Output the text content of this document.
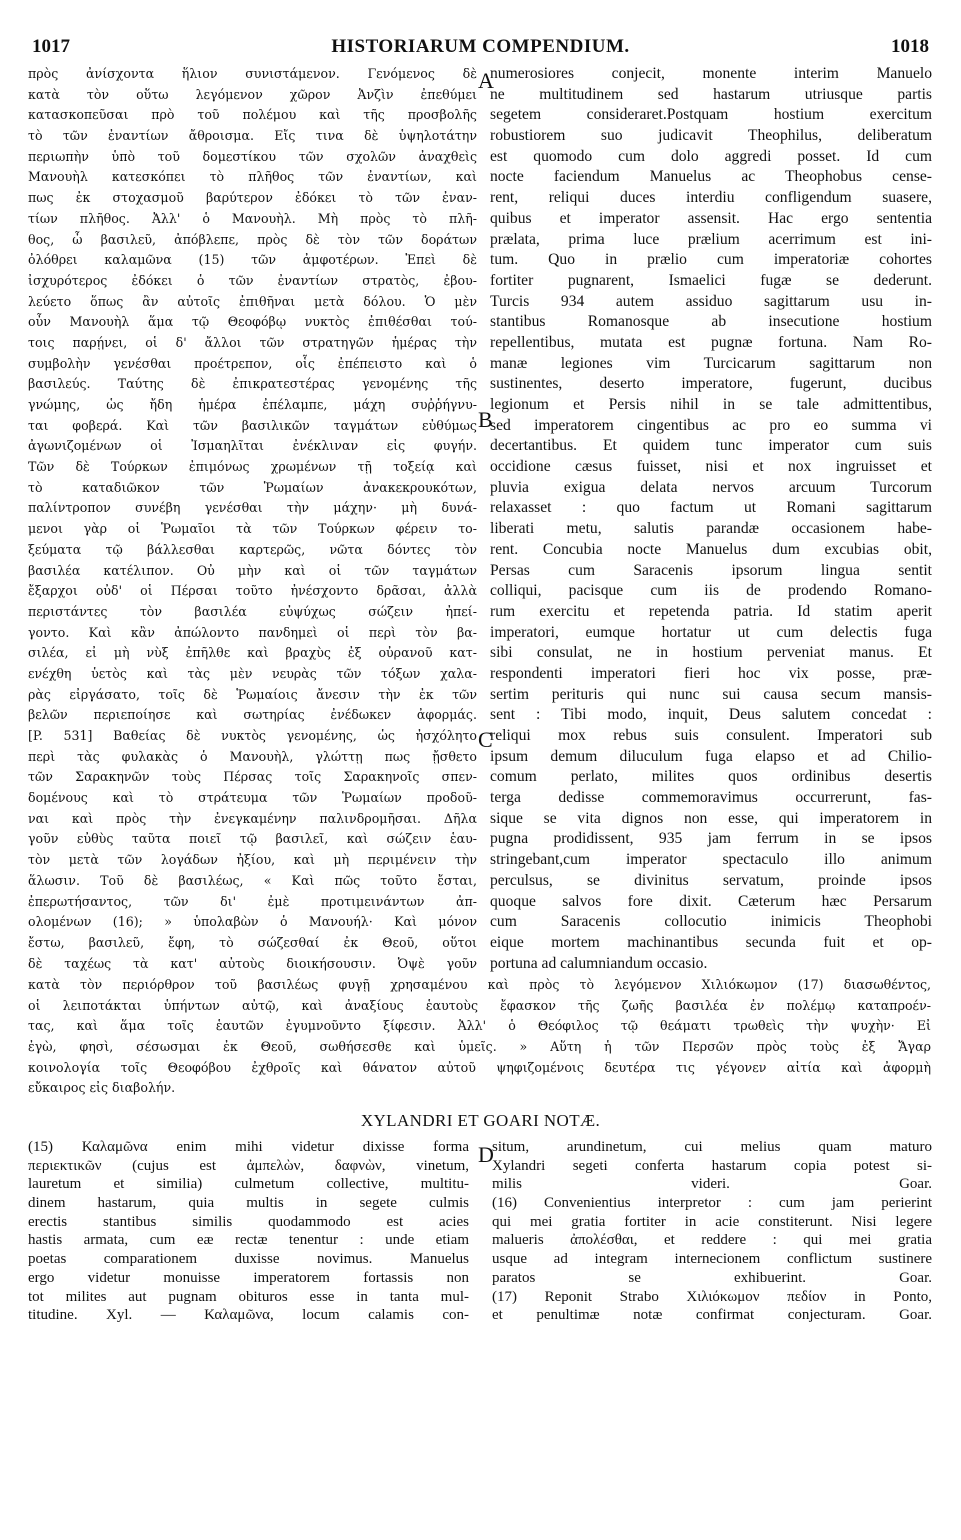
1017	HISTORIARUM COMPENDIUM.	1018
πρὸς ἀνίσχοντα ἥλιον συνιστάμενον. Γενόμενος δὲ
κατὰ τὸν οὕτω λεγόμενον χῶρον Ἀνζὶν ἐπεθύμει
κατασκοπεῦσαι πρὸ τοῦ πολέμου καὶ τῆς προσβολῆς
τὸ τῶν ἐναντίων ἄθροισμα. Εἴς τινα δὲ ὑψηλοτάτην
περιωπὴν ὑπὸ τοῦ δομεστίκου τῶν σχολῶν ἀναχθεὶς
Μανουὴλ κατεσκόπει τὸ πλῆθος τῶν ἐναντίων, καὶ
πως ἐκ στοχασμοῦ βαρύτερον ἐδόκει τὸ τῶν ἐναν-
τίων πλῆθος. Ἀλλ' ὁ Μανουὴλ. Μὴ πρὸς τὸ πλῆ-
θος, ὦ βασιλεῦ, ἀπόβλεπε, πρὸς δὲ τὸν τῶν δοράτων
ὀλόθρει καλαμῶνα (15) τῶν ἀμφοτέρων. Ἐπεὶ δὲ
ἰσχυρότερος ἐδόκει ὁ τῶν ἐναντίων στρατὸς, ἐβου-
λεύετο ὅπως ἂν αὐτοῖς ἐπιθῆναι μετὰ δόλου. Ὁ μὲν
οὖν Μανουὴλ ἅμα τῷ Θεοφόβῳ νυκτὸς ἐπιθέσθαι τού-
τοις παρῄνει, οἱ δ' ἄλλοι τῶν στρατηγῶν ἡμέρας τὴν
συμβολὴν γενέσθαι προέτρεπον, οἷς ἐπέπειστο καὶ ὁ
βασιλεύς. Ταύτης δὲ ἐπικρατεστέρας γενομένης τῆς
γνώμης, ὡς ἤδη ἡμέρα ἐπέλαμπε, μάχη συῤῥήγνυ-
ται φοβερά. Καὶ τῶν βασιλικῶν ταγμάτων εὐθύμως
ἀγωνιζομένων οἱ Ἰσμαηλῖται ἐνέκλιναν εἰς φυγήν.
Τῶν δὲ Τούρκων ἐπιμόνως χρωμένων τῇ τοξείᾳ καὶ
τὸ καταδιῶκον τῶν Ῥωμαίων ἀνακεκρουκότων,
παλίντροπον συνέβη γενέσθαι τὴν μάχην· μὴ δυνά-
μενοι γὰρ οἱ Ῥωμαῖοι τὰ τῶν Τούρκων φέρειν το-
ξεύματα τῷ βάλλεσθαι καρτερῶς, νῶτα δόντες τὸν
βασιλέα κατέλιπον. Οὐ μὴν καὶ οἱ τῶν ταγμάτων
ἔξαρχοι οὐδ' οἱ Πέρσαι τοῦτο ἠνέσχοντο δρᾶσαι, ἀλλὰ
περιστάντες τὸν βασιλέα εὐψύχως σώζειν ἠπεί-
γοντο. Καὶ κἂν ἀπώλοντο πανδημεὶ οἱ περὶ τὸν βα-
σιλέα, εἰ μὴ νὺξ ἐπῆλθε καὶ βραχὺς ἐξ οὐρανοῦ κατ-
ενέχθη ὑετὸς καὶ τὰς μὲν νευρὰς τῶν τόξων χαλα-
ρὰς εἰργάσατο, τοῖς δὲ Ῥωμαίοις ἄνεσιν τὴν ἐκ τῶν
βελῶν περιεποίησε καὶ σωτηρίας ἐνέδωκεν ἀφορμάς.
[P. 531] Βαθείας δὲ νυκτὸς γενομένης, ὡς ἠσχόλητο
περὶ τὰς φυλακὰς ὁ Μανουὴλ, γλώττῃ πως ᾔσθετο
τῶν Σαρακηνῶν τοὺς Πέρσας τοῖς Σαρακηνοῖς σπεν-
δομένους καὶ τὸ στράτευμα τῶν Ῥωμαίων προδοῦ-
ναι καὶ πρὸς τὴν ἐνεγκαμένην παλινδρομῆσαι. Δῆλα
γοῦν εὐθὺς ταῦτα ποιεῖ τῷ βασιλεῖ, καὶ σώζειν ἑαυ-
τὸν μετὰ τῶν λογάδων ἠξίου, καὶ μὴ περιμένειν τὴν
ἅλωσιν. Τοῦ δὲ βασιλέως, « Καὶ πῶς τοῦτο ἔσται,
ἐπερωτήσαντος, τῶν δι' ἐμὲ προτιμεινάντων ἀπ-
ολομένων (16); » ὑπολαβὼν ὁ Μανουήλ· Καὶ μόνον
ἔστω, βασιλεῦ, ἔφη, τὸ σώζεσθαί ἐκ Θεοῦ, οὕτοι
δὲ ταχέως τὰ κατ' αὐτοὺς διοικήσουσιν. Ὀψὲ γοῦν
numerosiores conjecit, monente interim Manuelo
ne multitudinem sed hastarum utriusque partis
segetem consideraret.Postquam hostium exercitum
robustiorem suo judicavit Theophilus, deliberatum
est quomodo cum dolo aggredi posset. Id cum
nocte faciendum Manuelus ac Theophobus cense-
rent, reliqui duces interdiu confligendum suasere,
quibus et imperator assensit. Hac ergo sententia
prælata, prima luce prælium acerrimum est ini-
tum. Quo in prælio cum imperatoriæ cohortes
fortiter pugnarent, Ismaelici fugæ se dederunt.
Turcis 934 autem assiduo sagittarum usu in-
stantibus Romanosque ab insecutione hostium
repellentibus, mutata est pugnæ fortuna. Nam Ro-
manæ legiones vim Turcicarum sagittarum non
sustinentes, deserto imperatore, fugerunt, ducibus
legionum et Persis nihil in se tale admittentibus,
sed imperatorem cingentibus ac pro eo summa vi
decertantibus. Et quidem tunc imperator cum suis
occidione cæsus fuisset, nisi et nox ingruisset et
pluvia exigua delata nervos arcuum Turcorum
relaxasset : quo factum ut Romani sagittarum
liberati metu, salutis parandæ occasionem habe-
rent. Concubia nocte Manuelus dum excubias obit,
Persas cum Saracenis ipsorum lingua sentit
colliqui, pacisque cum iis de prodendo Romano-
rum exercitu et repetenda patria. Id statim aperit
imperatori, eumque hortatur ut cum delectis fuga
sibi consulat, ne in hostium perveniat manus. Et
respondenti imperatori fieri hoc vix posse, præ-
sertim perituris qui nunc sui causa secum mansis-
sent : Tibi modo, inquit, Deus salutem concedat :
reliqui mox rebus suis consulent. Imperatori sub
ipsum demum diluculum fuga elapso et ad Chilio-
comum perlato, milites quos ordinibus desertis
terga dedisse commemoravimus occurrerunt, fas-
sique se vita dignos non esse, qui imperatorem in
pugna prodidissent, 935 jam ferrum in se ipsos
stringebant,cum imperator spectaculo illo animum
perculsus, se divinitus servatum, proinde ipsos
quoque salvos fore dixit. Cæterum hæc Persarum
cum Saracenis collocutio inimicis Theophobi
eique mortem machinantibus secunda fuit et op-
portuna ad calumniandum occasio.
A
B
C
D
κατὰ τὸν περιόρθρον τοῦ βασιλέως φυγῇ χρησαμένου καὶ πρὸς τὸ λεγόμενον Χιλιόκωμον (17) διασωθέντος,
οἱ λειποτάκται ὑπήντων αὐτῷ, καὶ ἀναξίους ἑαυτοὺς ἔφασκον τῆς ζωῆς βασιλέα ἐν πολέμῳ καταπροέν-
τας, καὶ ἅμα τοῖς ἑαυτῶν ἐγυμνοῦντο ξίφεσιν. Ἀλλ' ὁ Θεόφιλος τῷ θεάματι τρωθεὶς τὴν ψυχὴν· Εἰ
ἐγὼ, φησὶ, σέσωσμαι ἐκ Θεοῦ, σωθήσεσθε καὶ ὑμεῖς. » Αὕτη ἡ τῶν Περσῶν πρὸς τοὺς ἐξ Ἄγαρ
κοινολογία τοῖς Θεοφόβου ἐχθροῖς καὶ θάνατον αὐτοῦ ψηφιζομένοις δευτέρα τις γέγονεν αἰτία καὶ ἀφορμὴ
εὔκαιρος εἰς διαβολήν.
XYLANDRI ET GOARI NOTÆ.
(15) Καλαμῶνα enim mihi videtur dixisse forma
περιεκτικῶν (cujus est ἀμπελὼν, δαφνὼν, vinetum,
lauretum et similia) culmetum collective, multitu-
dinem hastarum, quia multis in segete culmis
erectis stantibus similis quodammodo est acies
hastis armata, cum eæ rectæ tenentur : unde etiam
poetas comparationem duxisse novimus. Manuelus
ergo videtur monuisse imperatorem fortassis non
tot milites aut pugnam obituros esse in tanta mul-
titudine. Xyl. — Καλαμῶνα, locum calamis con-
situm, arundinetum, cui melius quam maturo
Xylandri segeti conferta hastarum copia potest si-
milis videri. Goar.
(16) Convenientius interpretor : cum jam perierint
qui mei gratia fortiter in acie constiterunt. Nisi legere
malueris ἀπολέσθαι, et reddere : qui mei gratia
usque ad integram internecionem conflictum sustinere
paratos se exhibuerint. Goar.
(17) Reponit Strabo Χιλιόκωμον πεδίον in Ponto,
et penultimæ notæ confirmat conjecturam. Goar.
